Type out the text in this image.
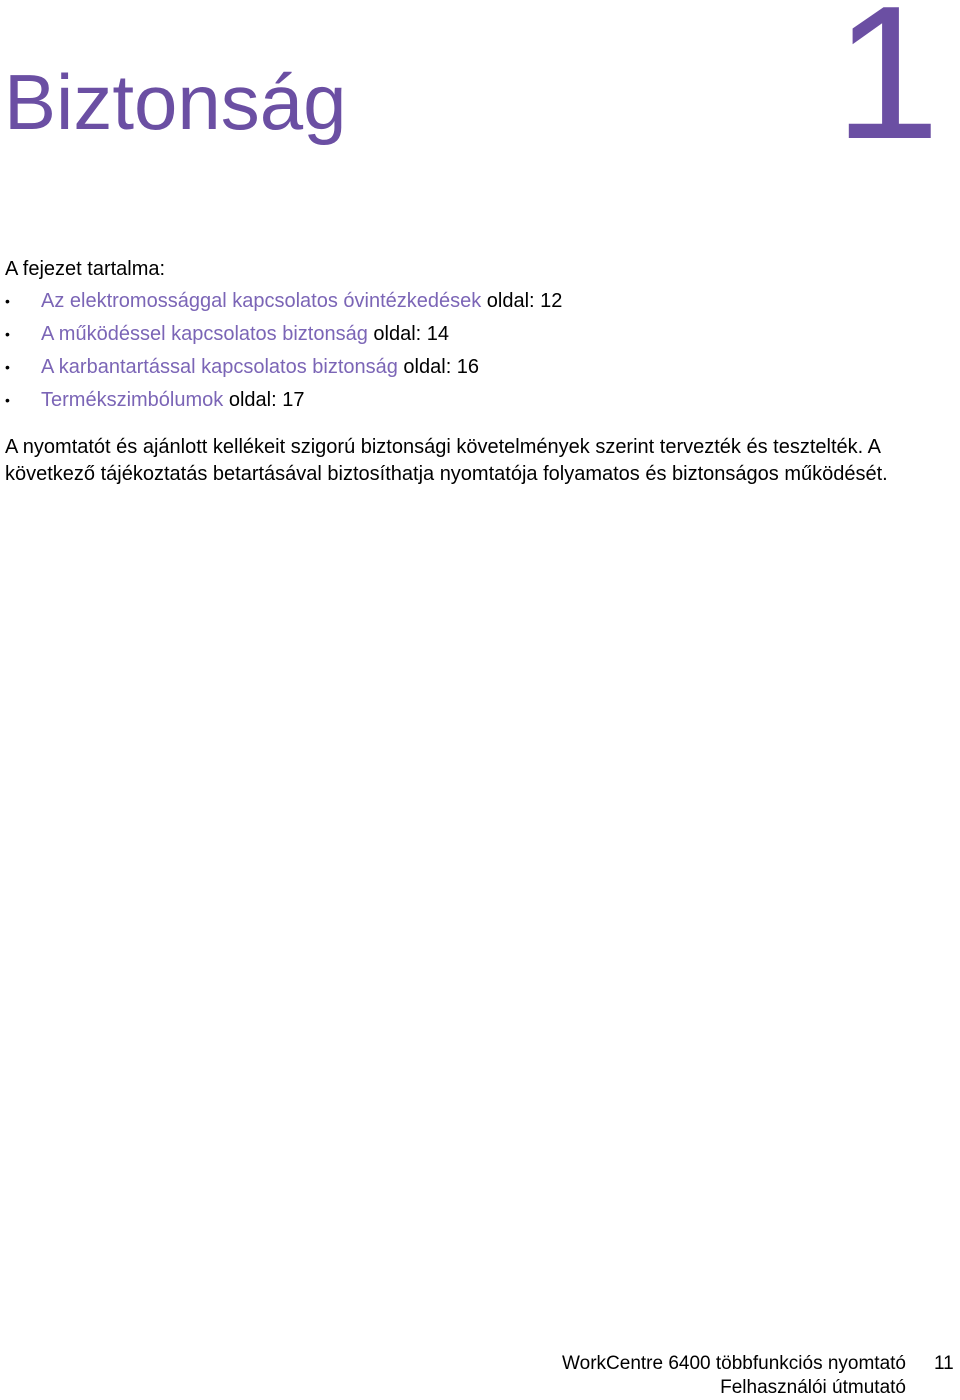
1
Biztonság
A fejezet tartalma:
• Az elektromossággal kapcsolatos óvintézkedések oldal: 12
• A működéssel kapcsolatos biztonság oldal: 14
• A karbantartással kapcsolatos biztonság oldal: 16
• Termékszimbólumok oldal: 17

A nyomtatót és ajánlott kellékeit szigorú biztonsági követelmények szerint tervezték és tesztelték. A következő tájékoztatás betartásával biztosíthatja nyomtatója folyamatos és biztonságos működését.

WorkCentre 6400 többfunkciós nyomtató
Felhasználói útmutató
11
